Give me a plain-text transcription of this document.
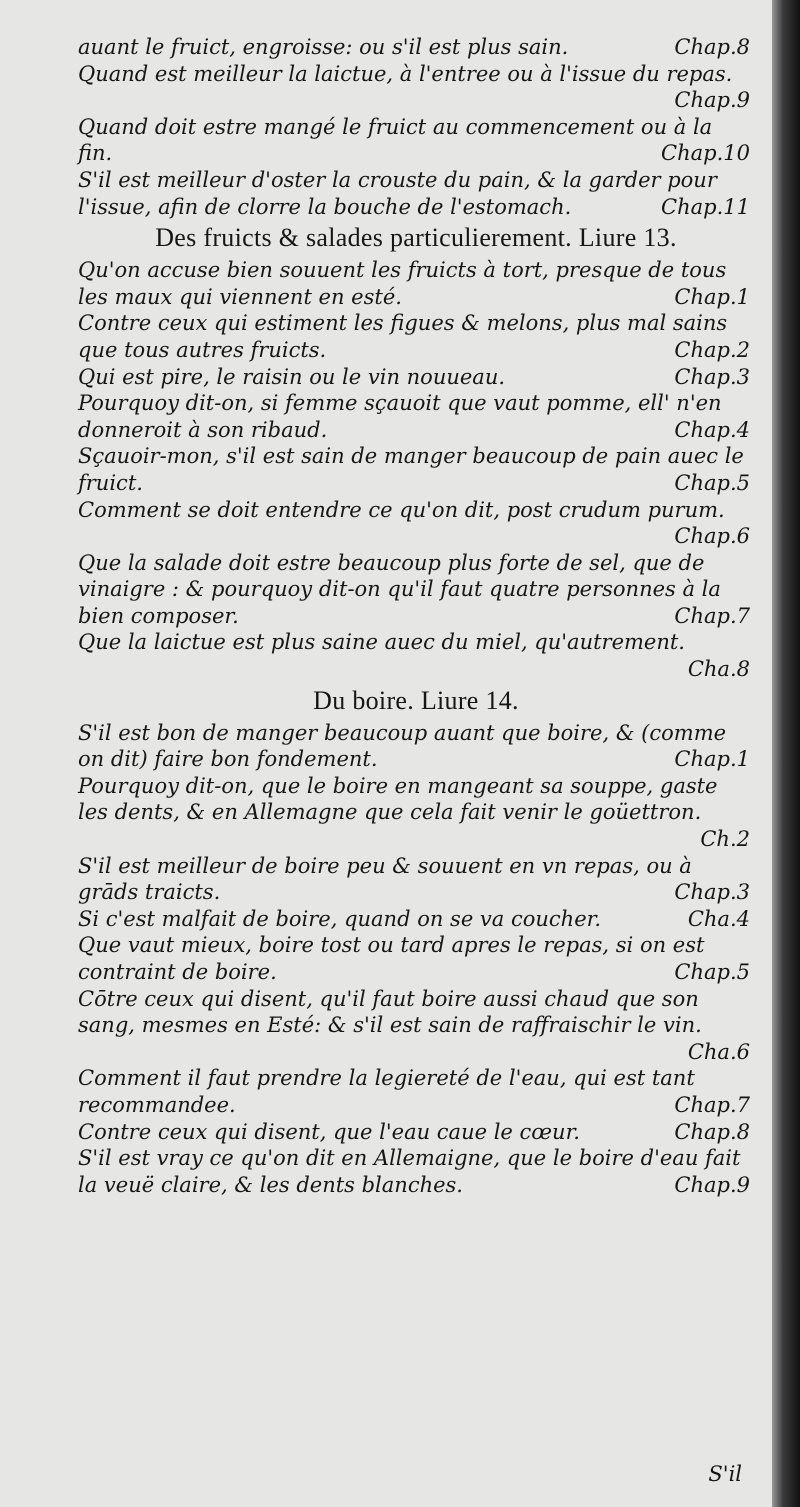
auant le fruict, engroisse: ou s'il est plus sain.	Chap.8
Quand est meilleur la laictue, à l'entree ou à l'issue du repas.
Chap.9
Quand doit estre mangé le fruict au commencement ou à la fin.	Chap.10
S'il est meilleur d'oster la crouste du pain, & la garder pour l'issue, afin de clorre la bouche de l'estomach.	Chap.11
Des fruicts & salades particulierement. Liure 13.
Qu'on accuse bien souuent les fruicts à tort, presque de tous les maux qui viennent en esté.	Chap.1
Contre ceux qui estiment les figues & melons, plus mal sains que tous autres fruicts.	Chap.2
Qui est pire, le raisin ou le vin nouueau.	Chap.3
Pourquoy dit-on, si femme sçauoit que vaut pomme, ell' n'en donneroit à son ribaud.	Chap.4
Sçauoir-mon, s'il est sain de manger beaucoup de pain auec le fruict.	Chap.5
Comment se doit entendre ce qu'on dit, post crudum purum.
Chap.6
Que la salade doit estre beaucoup plus forte de sel, que de vinaigre : & pourquoy dit-on qu'il faut quatre personnes à la bien composer.	Chap.7
Que la laictue est plus saine auec du miel, qu'autrement.
Cha.8
Du boire. Liure 14.
S'il est bon de manger beaucoup auant que boire, & (comme on dit) faire bon fondement.	Chap.1
Pourquoy dit-on, que le boire en mangeant sa souppe, gaste les dents, & en Allemagne que cela fait venir le goüettron.
Ch.2
S'il est meilleur de boire peu & souuent en vn repas, ou à grāds traicts.	Chap.3
Si c'est malfait de boire, quand on se va coucher.	Cha.4
Que vaut mieux, boire tost ou tard apres le repas, si on est contraint de boire.	Chap.5
Cōtre ceux qui disent, qu'il faut boire aussi chaud que son sang, mesmes en Esté: & s'il est sain de raffraischir le vin.
Cha.6
Comment il faut prendre la legiereté de l'eau, qui est tant recommandee.	Chap.7
Contre ceux qui disent, que l'eau caue le cœur.	Chap.8
S'il est vray ce qu'on dit en Allemaigne, que le boire d'eau fait la veuë claire, & les dents blanches.	Chap.9
S'il
